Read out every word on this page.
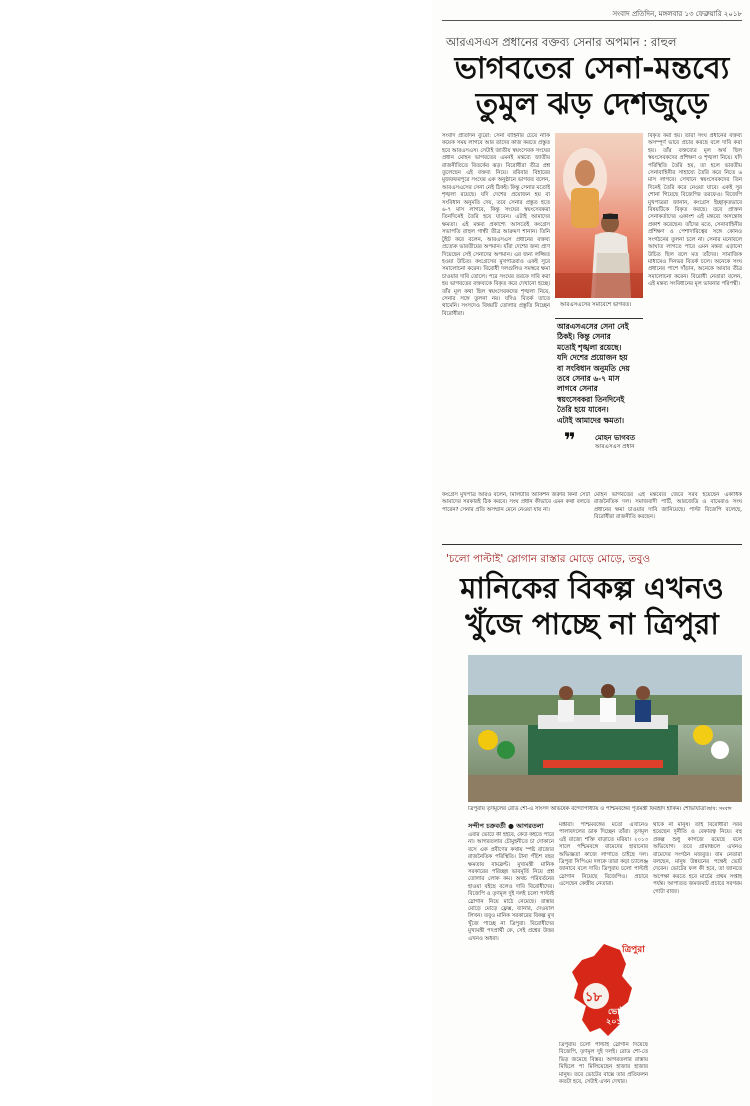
সংবাদ প্রতিদিন, মঙ্গলবার ১৩ ফেব্রুয়ারি ২০১৮
আরএসএস প্রধানের বক্তব্য সেনার অপমান : রাহুল
ভাগবতের সেনা-মন্তব্যে
তুমুল ঝড় দেশজুড়ে
সংবাদ প্রতিদিন ব্যুরো: সেনা বাহিনীর চেয়ে নাকি কয়েক সময় লাগবে আর তাদের কাজ করতে প্রস্তুত হবে আরএসএস। সেটাই জাতীয় স্বয়ংসেবক সংঘের প্রধান মোহন ভাগবতের এমনই মন্তব্যে জাতীয় রাজনীতিতে বিতর্কের ঝড়। বিরোধীরা তীব্র প্রশ্ন তুলেছেন এই বক্তব্য নিয়ে। রবিবার বিহারের মুজফফরপুরে সংঘের এক অনুষ্ঠানে ভাগবত বলেন, আরএসএসের সেনা নেই ঠিকই। কিন্তু সেনার মতোই শৃঙ্খলা রয়েছে। যদি দেশের প্রয়োজন হয় বা সংবিধান অনুমতি দেয়, তবে সেনার প্রস্তুত হতে ৬-৭ মাস লাগবে, কিন্তু সংঘের স্বয়ংসেবকরা তিনদিনেই তৈরি হয়ে যাবেন। এটাই আমাদের ক্ষমতা। এই মন্তব্য প্রকাশ্যে আসতেই কংগ্রেস সভাপতি রাহুল গান্ধী তীব্র আক্রমণ শানান। তিনি টুইট করে বলেন, আরএসএস প্রধানের বক্তব্য প্রত্যেক ভারতীয়ের অপমান। যাঁরা দেশের জন্য প্রাণ দিয়েছেন সেই সেনাদের অপমান। এর জন্য লজ্জিত হওয়া উচিত। কংগ্রেসের মুখপাত্ররাও একই সুরে সমালোচনা করেন। বিরোধী দলগুলিও সমস্বরে ক্ষমা চাওয়ার দাবি তোলে। পরে সংঘের তরফে দাবি করা হয় ভাগবতের বক্তব্যকে বিকৃত করে দেখানো হচ্ছে। তাঁর মূল কথা ছিল স্বয়ংসেবকদের শৃঙ্খলা নিয়ে, সেনার সঙ্গে তুলনা নয়। যদিও বিতর্ক তাতে থামেনি। সংসদেও বিষয়টি তোলার প্রস্তুতি নিচ্ছেন বিরোধীরা।
আরএসএসের সমাবেশে ভাগবত।
বিকৃত করা হয়। তারা সংঘ প্রধানের বক্তব্য অসম্পূর্ণ ভাবে প্রচার করছে বলে দাবি করা হয়। তাঁর বক্তব্যের মূল অর্থ ছিল স্বয়ংসেবকদের প্রশিক্ষণ ও শৃঙ্খলা নিয়ে। যদি পরিস্থিতি তৈরি হয়, তা হলে ভারতীয় সেনাবাহিনীর সাহায্যে তৈরি করে নিতে ৬ মাস লাগবে। সেখানে স্বয়ংসেবকদের তিন দিনেই তৈরি করে নেওয়া যাবে। একই সুর শোনা গিয়েছে বিজেপির তরফেও। বিজেপি মুখপাত্ররা জানান, কংগ্রেস ইচ্ছাকৃতভাবে বিষয়টিকে বিকৃত করছে। তবে প্রাক্তন সেনাকর্তাদের একাংশ এই মন্তব্যে অসন্তোষ প্রকাশ করেছেন। তাঁদের মতে, সেনাবাহিনীর প্রশিক্ষণ ও পেশাদারিত্বের সঙ্গে কোনও সংগঠনের তুলনা চলে না। সেনার মনোবলে আঘাত লাগতে পারে এমন মন্তব্য এড়ানো উচিত ছিল বলে মত তাঁদের। সামাজিক মাধ্যমেও দিনভর বিতর্ক চলে। অনেকে সংঘ প্রধানের পাশে দাঁড়ান, অনেকে আবার তীব্র সমালোচনা করেন। বিরোধী নেতারা বলেন, এই মন্তব্য সংবিধানের মূল ভাবনার পরিপন্থী।
আরএসএসের সেনা নেই
ঠিকই। কিন্তু সেনার
মতোই শৃঙ্খলা রয়েছে।
যদি দেশের প্রয়োজন হয়
বা সংবিধান অনুমতি দেয়
তবে সেনার ৬-৭ মাস
লাগবে সেনার
স্বয়ংসেবকরা তিনদিনেই
তৈরি হয়ে যাবেন।
এটাই আমাদের ক্ষমতা।
❞	মোহন ভাগবত
আরএসএস প্রধান
কংগ্রেস মুখপাত্র আরও বলেন, মিলিটারি অ্যাকশন জরুরি কিনা সেটা আমাদের সরকারই ঠিক করবে। সংঘ প্রধান কীভাবে এমন কথা বলতে পারেন? সেনার প্রতি অসম্মান মেনে নেওয়া যায় না।
মোহন ভাগবতের এই মন্তব্যের জেরে সরব হয়েছেন একাধিক রাজনৈতিক দল। সমাজবাদী পার্টি, আরজেডি ও বামেরাও সংঘ প্রধানের ক্ষমা চাওয়ার দাবি জানিয়েছে। পাল্টা বিজেপি বলেছে, বিরোধীরা রাজনীতি করছেন।
'চলো পাল্টাই' স্লোগান রাস্তার মোড়ে মোড়ে, তবুও
মানিকের বিকল্প এখনও
খুঁজে পাচ্ছে না ত্রিপুরা
ত্রিপুরায় তৃণমূলের রোড শো-এ সাংসদ অভিষেক বন্দ্যোপাধ্যায় ও পশ্চিমবঙ্গের পূর্তমন্ত্রী ফিরহাদ হাকিম। শোভাযাত্রা। ছবি: সংবাদ
সন্দীপ চক্রবর্তী ● আগরতলা
এবার ভোটে কী হইবে, কেউ কইতে পারে না। আগরতলার চৌমুহনীতে চা দোকানে বসে এক প্রবীণের কথায় স্পষ্ট রাজ্যের রাজনৈতিক পরিস্থিতি। টানা পঁচিশ বছর ক্ষমতায় বামফ্রন্ট। মুখ্যমন্ত্রী মানিক সরকারের পরিচ্ছন্ন ভাবমূর্তি নিয়ে প্রশ্ন তোলার লোক কম। অথচ পরিবর্তনের হাওয়া বইছে বলেও দাবি বিরোধীদের। বিজেপি ও তৃণমূল দুই দলই চলো পাল্টাই স্লোগান নিয়ে মাঠে নেমেছে। রাস্তার মোড়ে মোড়ে ফ্লেক্স, ব্যানার, দেওয়াল লিখন। তবুও মানিক সরকারের বিকল্প মুখ খুঁজে পাচ্ছে না ত্রিপুরা। বিরোধীদের মুখ্যমন্ত্রী পদপ্রার্থী কে, সেই প্রশ্নের উত্তর এখনও অধরা।
মন্ত্রীরা। পশ্চিমবঙ্গের মতো এখানেও পালাবদলের ডাক দিচ্ছেন তাঁরা। তৃণমূল এই রাজ্যে শক্তি বাড়াতে মরিয়া। ২০১৩ সালে পশ্চিমবঙ্গে বামেদের হারানোর অভিজ্ঞতা কাজে লাগাতে চাইছে দল। ত্রিপুরা সিপিএম দলকে তারা কড়া চ্যালেঞ্জ জানাবে বলে দাবি। ত্রিপুরায় চলো পাল্টাই স্লোগান নিয়েছে বিজেপিও। প্রচারে এসেছেন কেন্দ্রীয় নেতারা।
থাকে না মানুষ। তাই বিরোধীরা সরব হয়েছেন দুর্নীতি ও বেকারত্ব নিয়ে। বহু প্রকল্প শুধু কাগজে রয়েছে বলে অভিযোগ। তবে গ্রামাঞ্চলে এখনও বামেদের সংগঠন মজবুত। বাম নেতারা বলছেন, মানুষ উন্নয়নের পক্ষেই ভোট দেবেন। ভোটের ফল কী হবে, তা জানতে অপেক্ষা করতে হবে মার্চের প্রথম সপ্তাহ পর্যন্ত। আপাতত জমজমাট প্রচারে সরগরম গোটা রাজ্য।
ত্রিপুরা
১৮
ভোট
২০১৮
ত্রিপুরায় চলো পাল্টাই স্লোগান দিয়েছে বিজেপি, তৃণমূল দুই দলই। রোড শো-তে ভিড় জমেছে বিস্তর। আগরতলার রাস্তায় মিছিলে পা মিলিয়েছেন হাজার হাজার মানুষ। তবে ভোটের বাক্সে তার প্রতিফলন কতটা হবে, সেটাই এখন দেখার।
